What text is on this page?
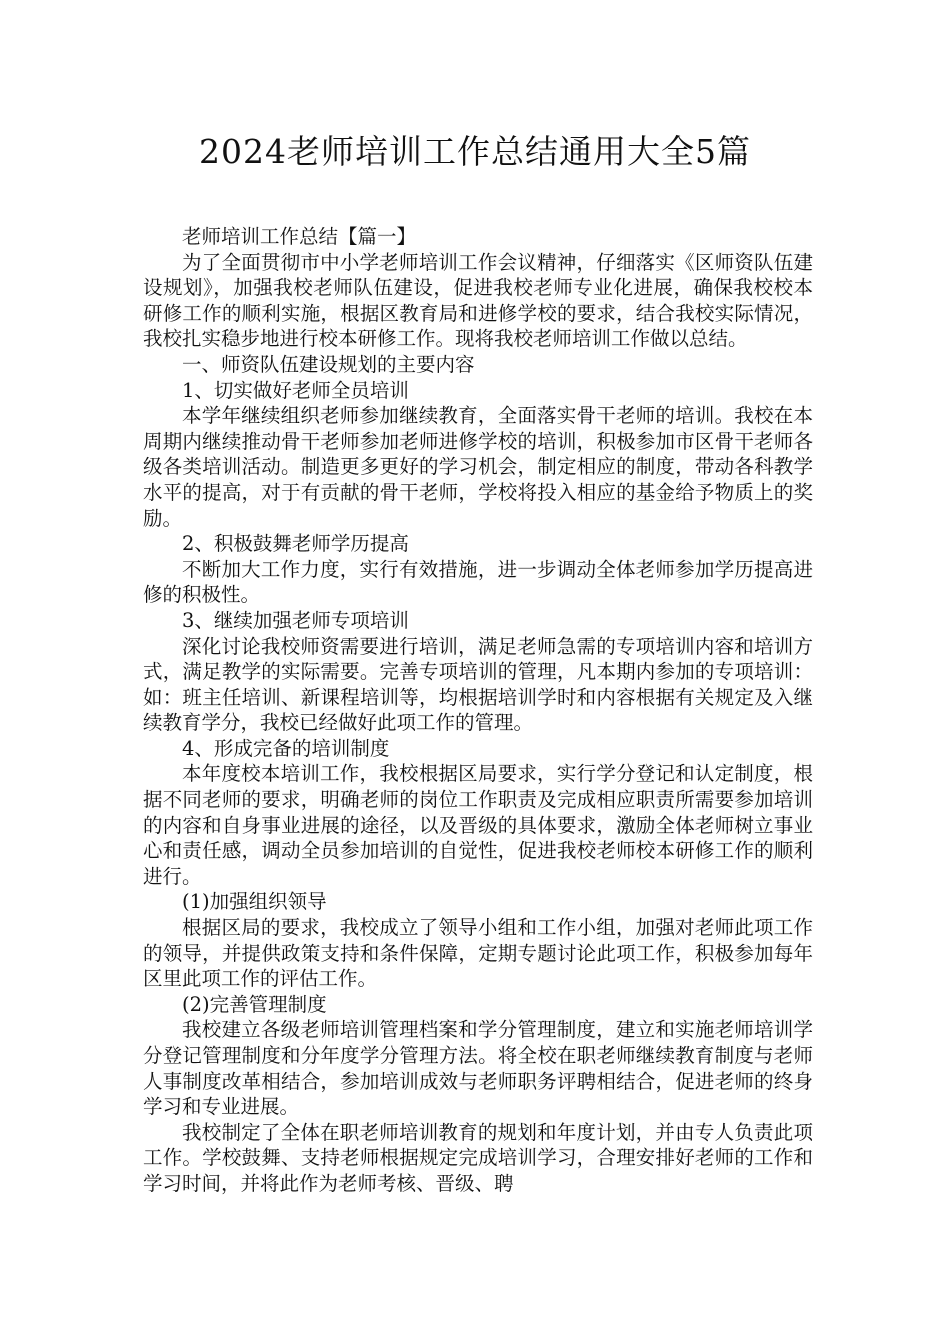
2024老师培训工作总结通用大全5篇

老师培训工作总结【篇一】

为了全面贯彻市中小学老师培训工作会议精神，仔细落实《区师资队伍建设规划》，加强我校老师队伍建设，促进我校老师专业化进展，确保我校校本研修工作的顺利实施，根据区教育局和进修学校的要求，结合我校实际情况，我校扎实稳步地进行校本研修工作。现将我校老师培训工作做以总结。

一、师资队伍建设规划的主要内容

1、切实做好老师全员培训

本学年继续组织老师参加继续教育，全面落实骨干老师的培训。我校在本周期内继续推动骨干老师参加老师进修学校的培训，积极参加市区骨干老师各级各类培训活动。制造更多更好的学习机会，制定相应的制度，带动各科教学水平的提高，对于有贡献的骨干老师，学校将投入相应的基金给予物质上的奖励。

2、积极鼓舞老师学历提高

不断加大工作力度，实行有效措施，进一步调动全体老师参加学历提高进修的积极性。

3、继续加强老师专项培训

深化讨论我校师资需要进行培训，满足老师急需的专项培训内容和培训方式，满足教学的实际需要。完善专项培训的管理，凡本期内参加的专项培训：如：班主任培训、新课程培训等，均根据培训学时和内容根据有关规定及入继续教育学分，我校已经做好此项工作的管理。

4、形成完备的培训制度

本年度校本培训工作，我校根据区局要求，实行学分登记和认定制度，根据不同老师的要求，明确老师的岗位工作职责及完成相应职责所需要参加培训的内容和自身事业进展的途径，以及晋级的具体要求，激励全体老师树立事业心和责任感，调动全员参加培训的自觉性，促进我校老师校本研修工作的顺利进行。

(1)加强组织领导

根据区局的要求，我校成立了领导小组和工作小组，加强对老师此项工作的领导，并提供政策支持和条件保障，定期专题讨论此项工作，积极参加每年区里此项工作的评估工作。

(2)完善管理制度

我校建立各级老师培训管理档案和学分管理制度，建立和实施老师培训学分登记管理制度和分年度学分管理方法。将全校在职老师继续教育制度与老师人事制度改革相结合，参加培训成效与老师职务评聘相结合，促进老师的终身学习和专业进展。

我校制定了全体在职老师培训教育的规划和年度计划，并由专人负责此项工作。学校鼓舞、支持老师根据规定完成培训学习，合理安排好老师的工作和学习时间，并将此作为老师考核、晋级、聘
